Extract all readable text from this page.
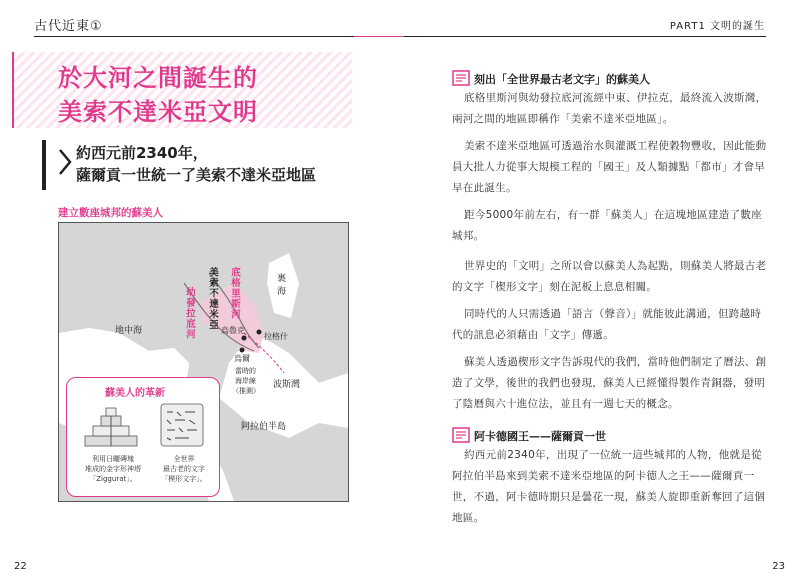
古代近東①	PART1 文明的誕生
於大河之間誕生的
美索不達米亞文明
約西元前2340年，
薩爾貢一世統一了美索不達米亞地區
建立數座城邦的蘇美人
地中海
裏
海
波斯灣
阿拉伯半島
烏魯克
拉格什
烏爾
當時的
海岸線
（推測）
幼發拉底河 美索不達米亞 底格里斯河
蘇美人的革新
利用日曬磚塊
堆成的金字形神塔
「Ziggurat」。
全世界
最古老的文字
「楔形文字」。
刻出「全世界最古老文字」的蘇美人
底格里斯河與幼發拉底河流經中東、伊拉克，最終流入波斯灣，
兩河之間的地區即稱作「美索不達米亞地區」。
美索不達米亞地區可透過治水與灌溉工程使穀物豐收，因此能動
員大批人力從事大規模工程的「國王」及人類據點「都市」才會早
早在此誕生。
距今5000年前左右，有一群「蘇美人」在這塊地區建造了數座
城邦。
世界史的「文明」之所以會以蘇美人為起點，則蘇美人將最古老
的文字「楔形文字」刻在泥板上息息相關。
同時代的人只需透過「語言（聲音）」就能彼此溝通，但跨越時
代的訊息必須藉由「文字」傳遞。
蘇美人透過楔形文字告訴現代的我們，當時他們制定了曆法、創
造了文學，後世的我們也發現，蘇美人已經懂得製作青銅器，發明
了陰曆與六十進位法，並且有一週七天的概念。
阿卡德國王——薩爾貢一世
約西元前2340年，出現了一位統一這些城邦的人物，他就是從
阿拉伯半島來到美索不達米亞地區的阿卡德人之王——薩爾貢一
世，不過，阿卡德時期只是曇花一現，蘇美人旋即重新奪回了這個
地區。
22	23
